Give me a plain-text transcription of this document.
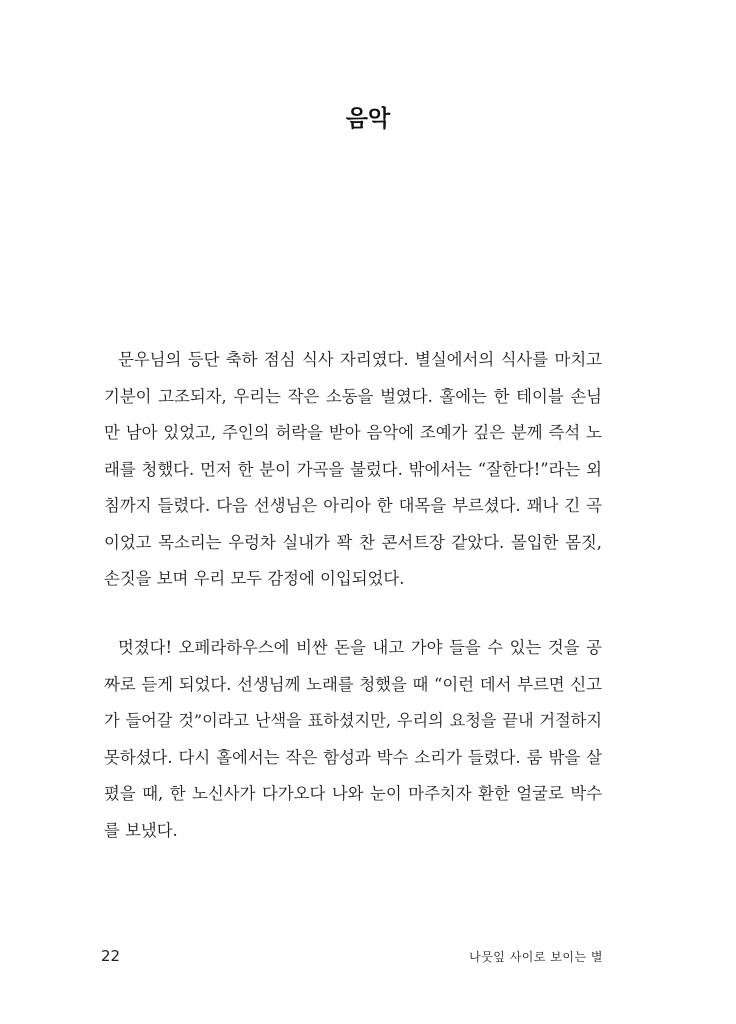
음악
문우님의 등단 축하 점심 식사 자리였다. 별실에서의 식사를 마치고
기분이 고조되자, 우리는 작은 소동을 벌였다. 홀에는 한 테이블 손님
만 남아 있었고, 주인의 허락을 받아 음악에 조예가 깊은 분께 즉석 노
래를 청했다. 먼저 한 분이 가곡을 불렀다. 밖에서는 “잘한다!”라는 외
침까지 들렸다. 다음 선생님은 아리아 한 대목을 부르셨다. 꽤나 긴 곡
이었고 목소리는 우렁차 실내가 꽉 찬 콘서트장 같았다. 몰입한 몸짓,
손짓을 보며 우리 모두 감정에 이입되었다.
멋졌다! 오페라하우스에 비싼 돈을 내고 가야 들을 수 있는 것을 공
짜로 듣게 되었다. 선생님께 노래를 청했을 때 “이런 데서 부르면 신고
가 들어갈 것”이라고 난색을 표하셨지만, 우리의 요청을 끝내 거절하지
못하셨다. 다시 홀에서는 작은 함성과 박수 소리가 들렸다. 룸 밖을 살
폈을 때, 한 노신사가 다가오다 나와 눈이 마주치자 환한 얼굴로 박수
를 보냈다.
22	나뭇잎 사이로 보이는 별
